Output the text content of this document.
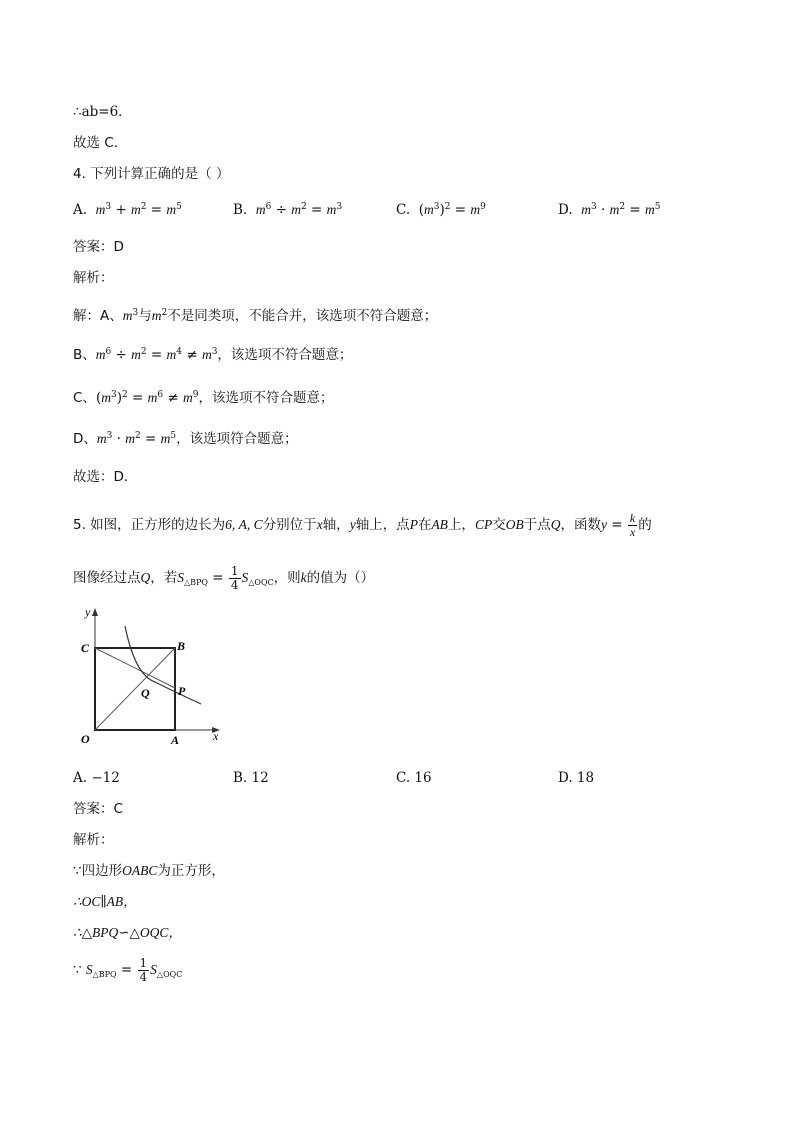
∴ab=6．
故选 C．
4. 下列计算正确的是（ ）
A. $m^3 + m^2 = m^5$	B. $m^6 \div m^2 = m^3$	C.  $(m^3)^2 = m^9$	D. $m^3 \cdot m^2 = m^5$
答案：D
解析：
解：A、$m^3$与$m^2$不是同类项，不能合并，该选项不符合题意；
B、$m^6 \div m^2 = m^4 \ne m^3$，该选项不符合题意；
C、$(m^3)^2 = m^6 \ne m^9$，该选项不符合题意；
D、$m^3 \cdot m^2 = m^5$，该选项符合题意；
故选：D．
5. 如图，正方形的边长为6, A, C分别位于x轴，y轴上，点P在AB上，CP交OB于点Q，函数$y = \frac{k}{x}$ 的
图像经过点Q，若$S_{\triangle BPQ} = \frac{1}{4} S_{\triangle OQC}$，则k的值为（）
y
x
O	A
B
C
P
Q
A. −12	B. 12	C. 16	D. 18
答案：C
解析：
∵四边形OABC为正方形，
∴OC∥AB，
∴△BPQ∽△OQC，
∵ $S_{\triangle BPQ} = \frac{1}{4} S_{\triangle OQC}$
